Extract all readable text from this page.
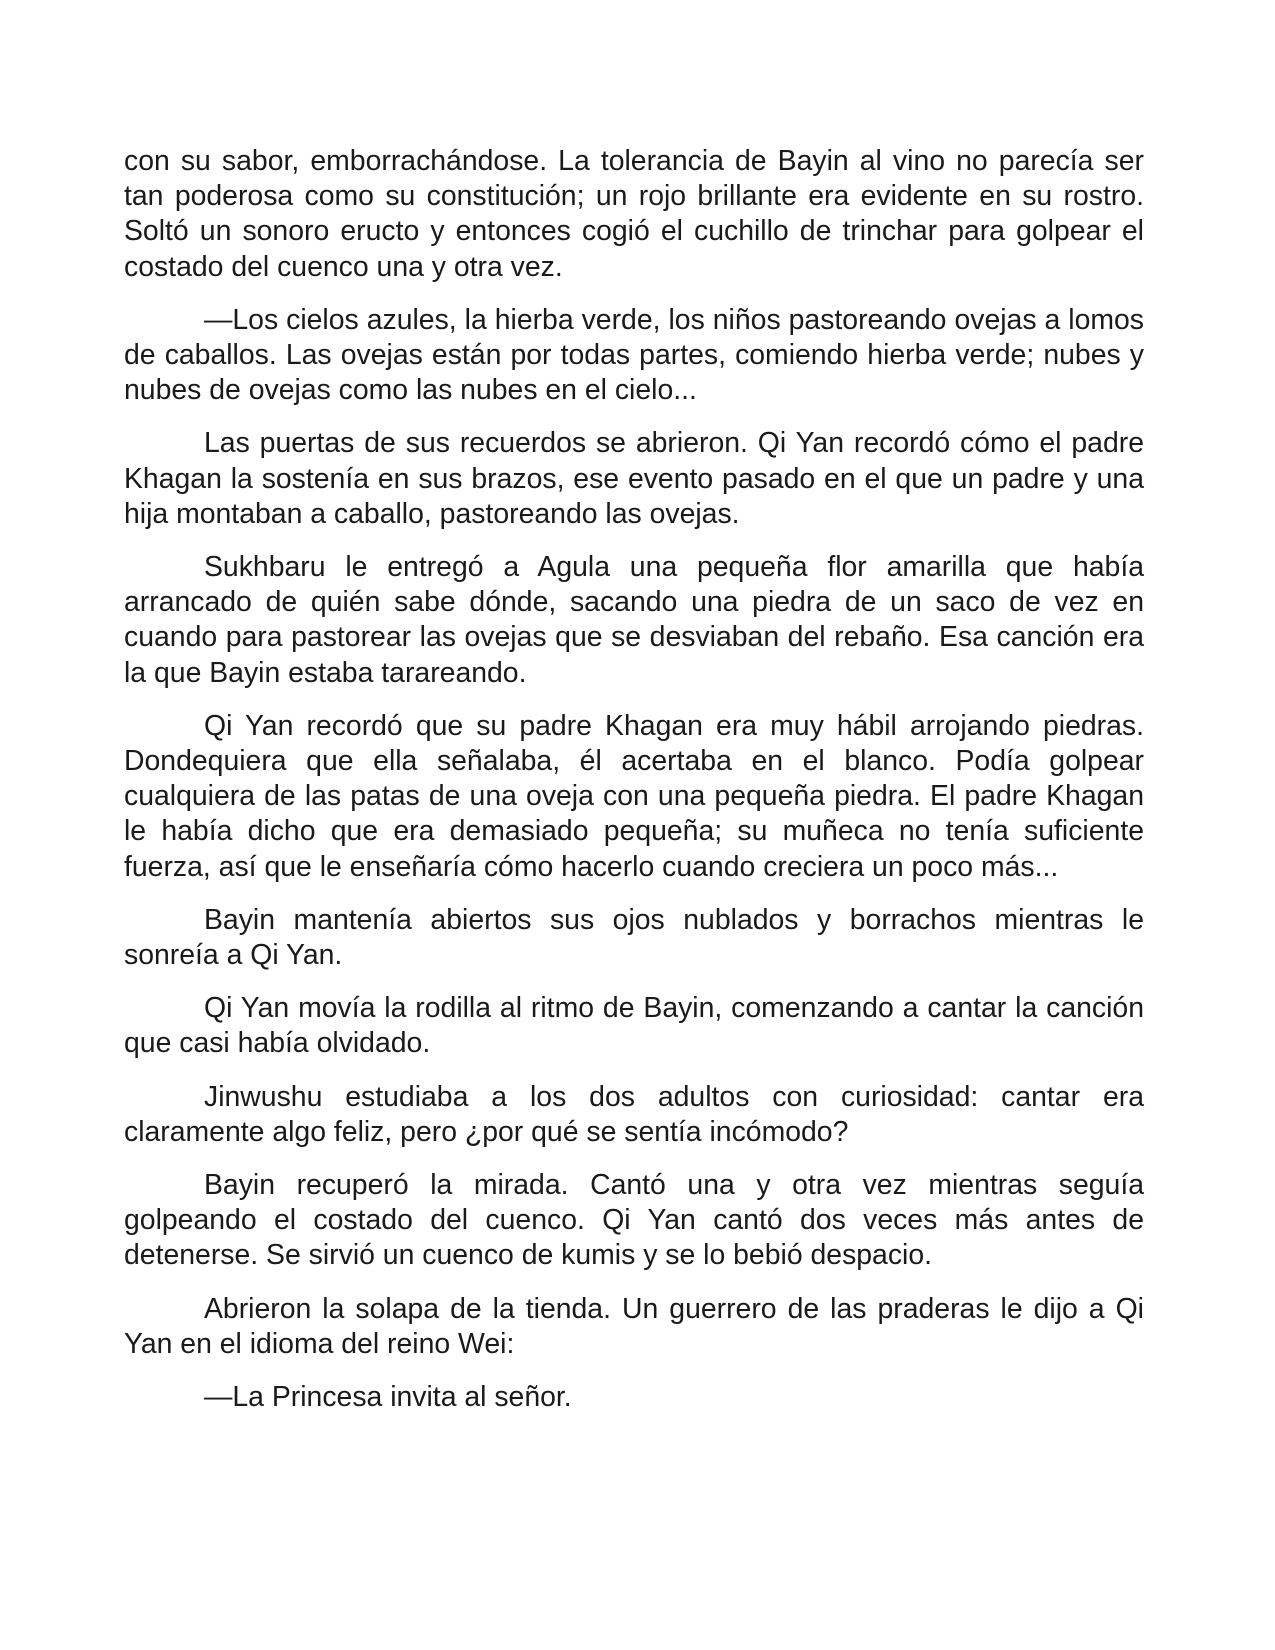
con su sabor, emborrachándose. La tolerancia de Bayin al vino no parecía ser tan poderosa como su constitución; un rojo brillante era evidente en su rostro. Soltó un sonoro eructo y entonces cogió el cuchillo de trinchar para golpear el costado del cuenco una y otra vez.

—Los cielos azules, la hierba verde, los niños pastoreando ovejas a lomos de caballos. Las ovejas están por todas partes, comiendo hierba verde; nubes y nubes de ovejas como las nubes en el cielo...

Las puertas de sus recuerdos se abrieron. Qi Yan recordó cómo el padre Khagan la sostenía en sus brazos, ese evento pasado en el que un padre y una hija montaban a caballo, pastoreando las ovejas.

Sukhbaru le entregó a Agula una pequeña flor amarilla que había arrancado de quién sabe dónde, sacando una piedra de un saco de vez en cuando para pastorear las ovejas que se desviaban del rebaño. Esa canción era la que Bayin estaba tarareando.

Qi Yan recordó que su padre Khagan era muy hábil arrojando piedras. Dondequiera que ella señalaba, él acertaba en el blanco. Podía golpear cualquiera de las patas de una oveja con una pequeña piedra. El padre Khagan le había dicho que era demasiado pequeña; su muñeca no tenía suficiente fuerza, así que le enseñaría cómo hacerlo cuando creciera un poco más...

Bayin mantenía abiertos sus ojos nublados y borrachos mientras le sonreía a Qi Yan.

Qi Yan movía la rodilla al ritmo de Bayin, comenzando a cantar la canción que casi había olvidado.

Jinwushu estudiaba a los dos adultos con curiosidad: cantar era claramente algo feliz, pero ¿por qué se sentía incómodo?

Bayin recuperó la mirada. Cantó una y otra vez mientras seguía golpeando el costado del cuenco. Qi Yan cantó dos veces más antes de detenerse. Se sirvió un cuenco de kumis y se lo bebió despacio.

Abrieron la solapa de la tienda. Un guerrero de las praderas le dijo a Qi Yan en el idioma del reino Wei:

—La Princesa invita al señor.
